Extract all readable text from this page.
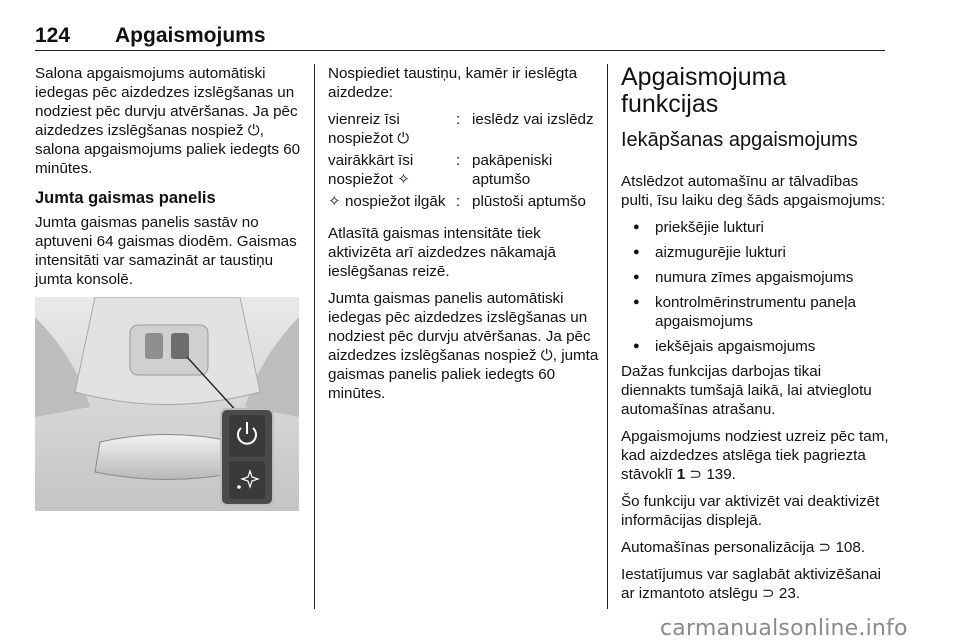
124 Apgaismojums

Salona apgaismojums automātiski iedegas pēc aizdedzes izslēgšanas un nodziest pēc durvju atvēršanas. Ja pēc aizdedzes izslēgšanas nospiež ⏻, salona apgaismojums paliek iedegts 60 minūtes.

Jumta gaismas panelis

Jumta gaismas panelis sastāv no aptuveni 64 gaismas diodēm. Gaismas intensitāti var samazināt ar taustiņu jumta konsolē.

Nospiediet taustiņu, kamēr ir ieslēgta aizdedze:

vienreiz īsi nospiežot ⏻	:	ieslēdz vai izslēdz
vairākkārt īsi nospiežot ✧	:	pakāpeniski aptumšo
✧ nospiežot ilgāk	:	plūstoši aptumšo

Atlasītā gaismas intensitāte tiek aktivizēta arī aizdedzes nākamajā ieslēgšanas reizē.

Jumta gaismas panelis automātiski iedegas pēc aizdedzes izslēgšanas un nodziest pēc durvju atvēršanas. Ja pēc aizdedzes izslēgšanas nospiež ⏻, jumta gaismas panelis paliek iedegts 60 minūtes.

Apgaismojuma funkcijas
Iekāpšanas apgaismojums

Atslēdzot automašīnu ar tālvadības pulti, īsu laiku deg šāds apgaismojums:

● priekšējie lukturi
● aizmugurējie lukturi
● numura zīmes apgaismojums
● kontrolmērinstrumentu paneļa apgaismojums
● iekšējais apgaismojums

Dažas funkcijas darbojas tikai diennakts tumšajā laikā, lai atvieglotu automašīnas atrašanu.

Apgaismojums nodziest uzreiz pēc tam, kad aizdedzes atslēga tiek pagriezta stāvoklī 1 ⊃ 139.

Šo funkciju var aktivizēt vai deaktivizēt informācijas displejā.

Automašīnas personalizācija ⊃ 108.

Iestatījumus var saglabāt aktivizēšanai ar izmantoto atslēgu ⊃ 23.

carmanualsonline.info
